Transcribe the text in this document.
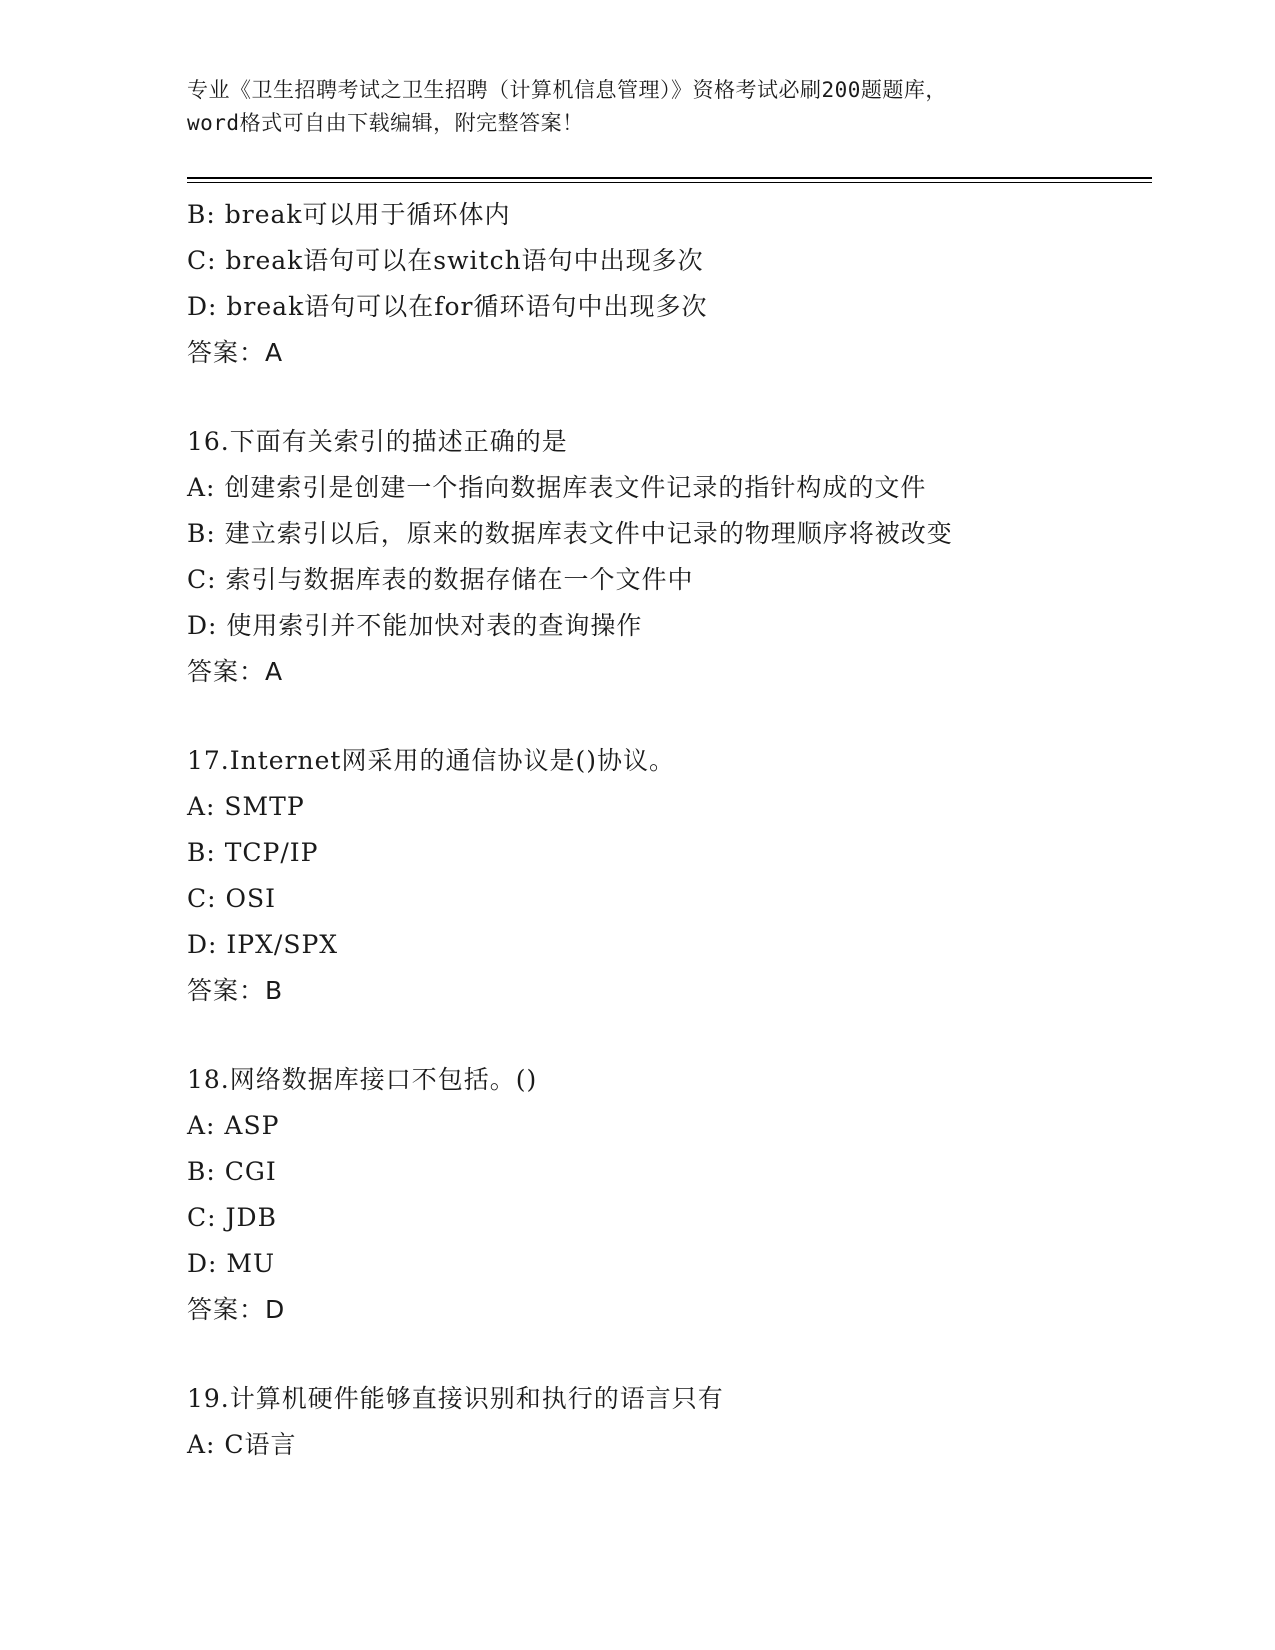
专业《卫生招聘考试之卫生招聘（计算机信息管理）》资格考试必刷200题题库，
word格式可自由下载编辑，附完整答案！
B: break可以用于循环体内
C: break语句可以在switch语句中出现多次
D: break语句可以在for循环语句中出现多次
答案：A
16.下面有关索引的描述正确的是
A: 创建索引是创建一个指向数据库表文件记录的指针构成的文件
B: 建立索引以后，原来的数据库表文件中记录的物理顺序将被改变
C: 索引与数据库表的数据存储在一个文件中
D: 使用索引并不能加快对表的查询操作
答案：A
17.Internet网采用的通信协议是()协议。
A: SMTP
B: TCP/IP
C: OSI
D: IPX/SPX
答案：B
18.网络数据库接口不包括。()
A: ASP
B: CGI
C: JDB
D: MU
答案：D
19.计算机硬件能够直接识别和执行的语言只有
A: C语言
